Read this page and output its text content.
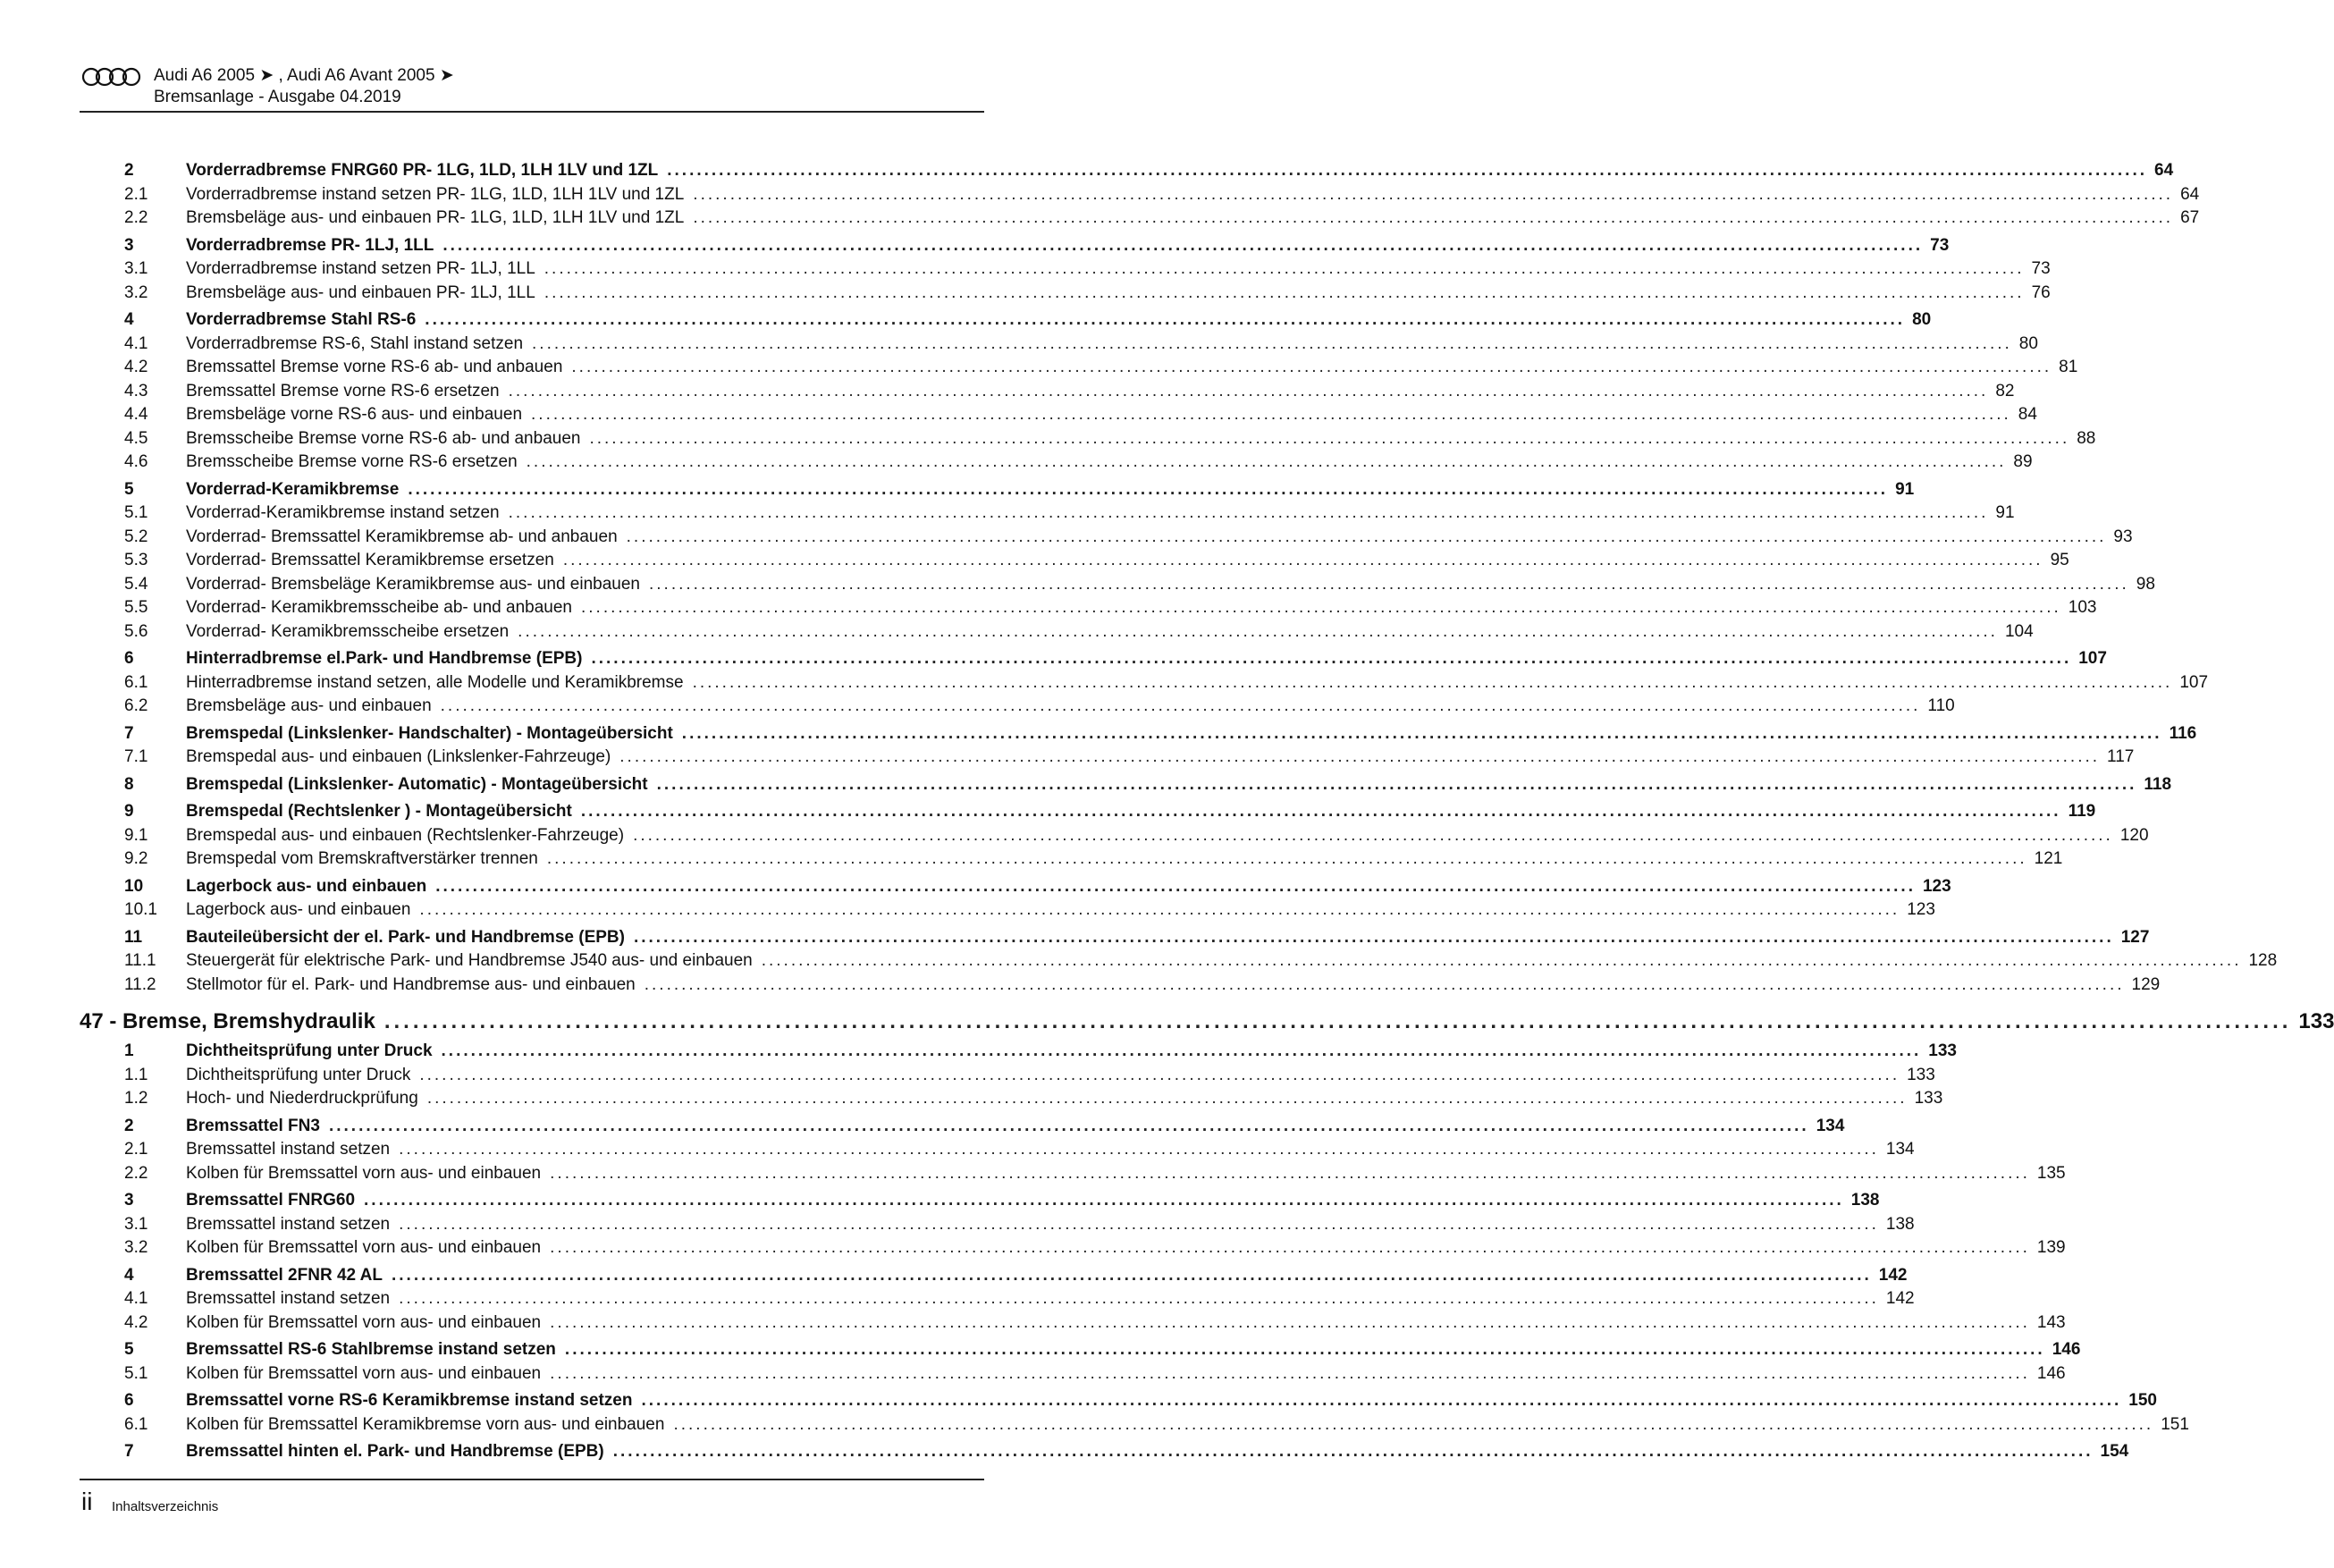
Audi A6 2005 ➤ , Audi A6 Avant 2005 ➤
Bremsanlage - Ausgabe 04.2019
2	Vorderradbremse FNRG60 PR- 1LG, 1LD, 1LH 1LV und 1ZL ........................................................................................................................................................................................................ 64
2.1	Vorderradbremse instand setzen PR- 1LG, 1LD, 1LH 1LV und 1ZL ........................................................................................................................................................................................................ 64
2.2	Bremsbeläge aus- und einbauen PR- 1LG, 1LD, 1LH 1LV und 1ZL ........................................................................................................................................................................................................ 67
3	Vorderradbremse PR- 1LJ, 1LL ........................................................................................................................................................................................................ 73
3.1	Vorderradbremse instand setzen PR- 1LJ, 1LL ........................................................................................................................................................................................................ 73
3.2	Bremsbeläge aus- und einbauen PR- 1LJ, 1LL ........................................................................................................................................................................................................ 76
4	Vorderradbremse Stahl RS-6 ........................................................................................................................................................................................................ 80
4.1	Vorderradbremse RS-6, Stahl instand setzen ........................................................................................................................................................................................................ 80
4.2	Bremssattel Bremse vorne RS-6 ab- und anbauen ........................................................................................................................................................................................................ 81
4.3	Bremssattel Bremse vorne RS-6 ersetzen ........................................................................................................................................................................................................ 82
4.4	Bremsbeläge vorne RS-6 aus- und einbauen ........................................................................................................................................................................................................ 84
4.5	Bremsscheibe Bremse vorne RS-6 ab- und anbauen ........................................................................................................................................................................................................ 88
4.6	Bremsscheibe Bremse vorne RS-6 ersetzen ........................................................................................................................................................................................................ 89
5	Vorderrad-Keramikbremse ........................................................................................................................................................................................................ 91
5.1	Vorderrad-Keramikbremse instand setzen ........................................................................................................................................................................................................ 91
5.2	Vorderrad- Bremssattel Keramikbremse ab- und anbauen ........................................................................................................................................................................................................ 93
5.3	Vorderrad- Bremssattel Keramikbremse ersetzen ........................................................................................................................................................................................................ 95
5.4	Vorderrad- Bremsbeläge Keramikbremse aus- und einbauen ........................................................................................................................................................................................................ 98
5.5	Vorderrad- Keramikbremsscheibe ab- und anbauen ........................................................................................................................................................................................................ 103
5.6	Vorderrad- Keramikbremsscheibe ersetzen ........................................................................................................................................................................................................ 104
6	Hinterradbremse el.Park- und Handbremse (EPB) ........................................................................................................................................................................................................ 107
6.1	Hinterradbremse instand setzen, alle Modelle und Keramikbremse ........................................................................................................................................................................................................ 107
6.2	Bremsbeläge aus- und einbauen ........................................................................................................................................................................................................ 110
7	Bremspedal (Linkslenker- Handschalter) - Montageübersicht ........................................................................................................................................................................................................ 116
7.1	Bremspedal aus- und einbauen (Linkslenker-Fahrzeuge) ........................................................................................................................................................................................................ 117
8	Bremspedal (Linkslenker- Automatic) - Montageübersicht ........................................................................................................................................................................................................ 118
9	Bremspedal (Rechtslenker ) - Montageübersicht ........................................................................................................................................................................................................ 119
9.1	Bremspedal aus- und einbauen (Rechtslenker-Fahrzeuge) ........................................................................................................................................................................................................ 120
9.2	Bremspedal vom Bremskraftverstärker trennen ........................................................................................................................................................................................................ 121
10	Lagerbock aus- und einbauen ........................................................................................................................................................................................................ 123
10.1	Lagerbock aus- und einbauen ........................................................................................................................................................................................................ 123
11	Bauteileübersicht der el. Park- und Handbremse (EPB) ........................................................................................................................................................................................................ 127
11.1	Steuergerät für elektrische Park- und Handbremse J540 aus- und einbauen ........................................................................................................................................................................................................ 128
11.2	Stellmotor für el. Park- und Handbremse aus- und einbauen ........................................................................................................................................................................................................ 129
47 - Bremse, Bremshydraulik ........................................................................................................................................................................................................ 133
1	Dichtheitsprüfung unter Druck ........................................................................................................................................................................................................ 133
1.1	Dichtheitsprüfung unter Druck ........................................................................................................................................................................................................ 133
1.2	Hoch- und Niederdruckprüfung ........................................................................................................................................................................................................ 133
2	Bremssattel FN3 ........................................................................................................................................................................................................ 134
2.1	Bremssattel instand setzen ........................................................................................................................................................................................................ 134
2.2	Kolben für Bremssattel vorn aus- und einbauen ........................................................................................................................................................................................................ 135
3	Bremssattel FNRG60 ........................................................................................................................................................................................................ 138
3.1	Bremssattel instand setzen ........................................................................................................................................................................................................ 138
3.2	Kolben für Bremssattel vorn aus- und einbauen ........................................................................................................................................................................................................ 139
4	Bremssattel 2FNR 42 AL ........................................................................................................................................................................................................ 142
4.1	Bremssattel instand setzen ........................................................................................................................................................................................................ 142
4.2	Kolben für Bremssattel vorn aus- und einbauen ........................................................................................................................................................................................................ 143
5	Bremssattel RS-6 Stahlbremse instand setzen ........................................................................................................................................................................................................ 146
5.1	Kolben für Bremssattel vorn aus- und einbauen ........................................................................................................................................................................................................ 146
6	Bremssattel vorne RS-6 Keramikbremse instand setzen ........................................................................................................................................................................................................ 150
6.1	Kolben für Bremssattel Keramikbremse vorn aus- und einbauen ........................................................................................................................................................................................................ 151
7	Bremssattel hinten el. Park- und Handbremse (EPB) ........................................................................................................................................................................................................ 154
ii Inhaltsverzeichnis
